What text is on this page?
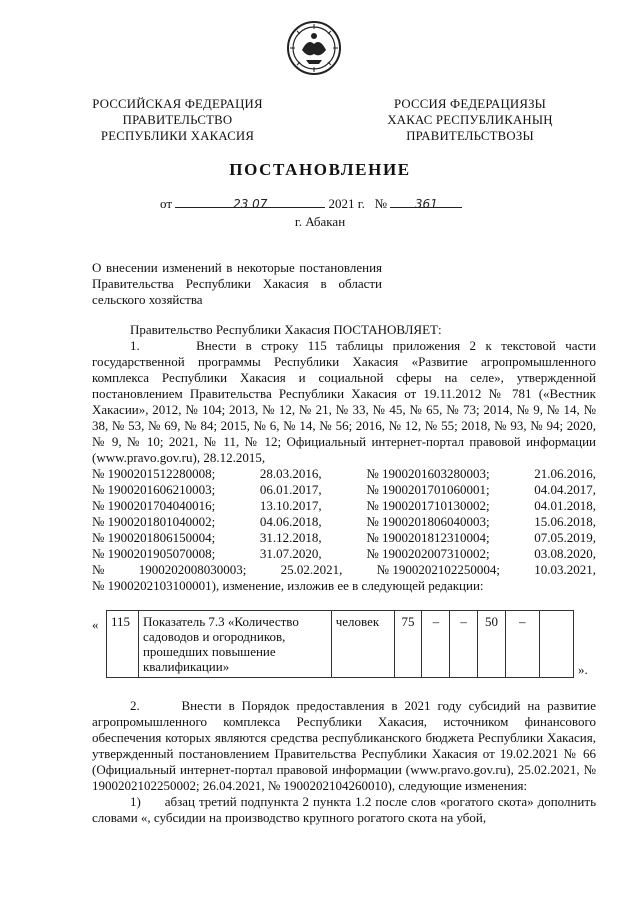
РОССИЙСКАЯ ФЕДЕРАЦИЯ
ПРАВИТЕЛЬСТВО
РЕСПУБЛИКИ ХАКАСИЯ
РОССИЯ ФЕДЕРАЦИЯЗЫ
ХАКАС РЕСПУБЛИКАНЫҢ
ПРАВИТЕЛЬСТВОЗЫ
ПОСТАНОВЛЕНИЕ
от	23 07	2021 г. № 361
г. Абакан
О внесении изменений в некоторые постановления Правительства Республики Хакасия в области сельского хозяйства

Правительство Республики Хакасия ПОСТАНОВЛЯЕТ:

1.	Внести в строку 115 таблицы приложения 2 к текстовой части государственной программы Республики Хакасия «Развитие агропромышленного комплекса Республики Хакасия и социальной сферы на селе», утвержденной постановлением Правительства Республики Хакасия от 19.11.2012 № 781 («Вестник Хакасии», 2012, № 104; 2013, № 12, № 21, № 33, № 45, № 65, № 73; 2014, № 9, № 14, № 38, № 53, № 69, № 84; 2015, № 6, № 14, № 56; 2016, № 12, № 55; 2018, № 93, № 94; 2020, № 9, № 10; 2021, № 11, № 12; Официальный интернет-портал правовой информации (www.pravo.gov.ru), 28.12.2015,

№ 1900201512280008;	28.03.2016,	№ 1900201603280003;	21.06.2016,
№ 1900201606210003;	06.01.2017,	№ 1900201701060001;	04.04.2017,
№ 1900201704040016;	13.10.2017,	№ 1900201710130002;	04.01.2018,
№ 1900201801040002;	04.06.2018,	№ 1900201806040003;	15.06.2018,
№ 1900201806150004;	31.12.2018,	№ 1900201812310004;	07.05.2019,
№ 1900201905070008;	31.07.2020,	№ 1900202007310002;	03.08.2020,
№	1900202008030003;	25.02.2021,	№ 1900202102250004;	10.03.2021,

№ 1900202103100001), изменение, изложив ее в следующей редакции:

« 115	Показатель 7.3 «Количество садоводов и огородников, прошедших повышение квалификации»	человек	75	–	–	50	–	
».

2.	Внести в Порядок предоставления в 2021 году субсидий на развитие агропромышленного комплекса Республики Хакасия, источником финансового обеспечения которых являются средства республиканского бюджета Республики Хакасия, утвержденный постановлением Правительства Республики Хакасия от 19.02.2021 № 66 (Официальный интернет-портал правовой информации (www.pravo.gov.ru), 25.02.2021, № 1900202102250002; 26.04.2021, № 1900202104260010), следующие изменения:

1) абзац третий подпункта 2 пункта 1.2 после слов «рогатого скота» дополнить словами «, субсидии на производство крупного рогатого скота на убой,
